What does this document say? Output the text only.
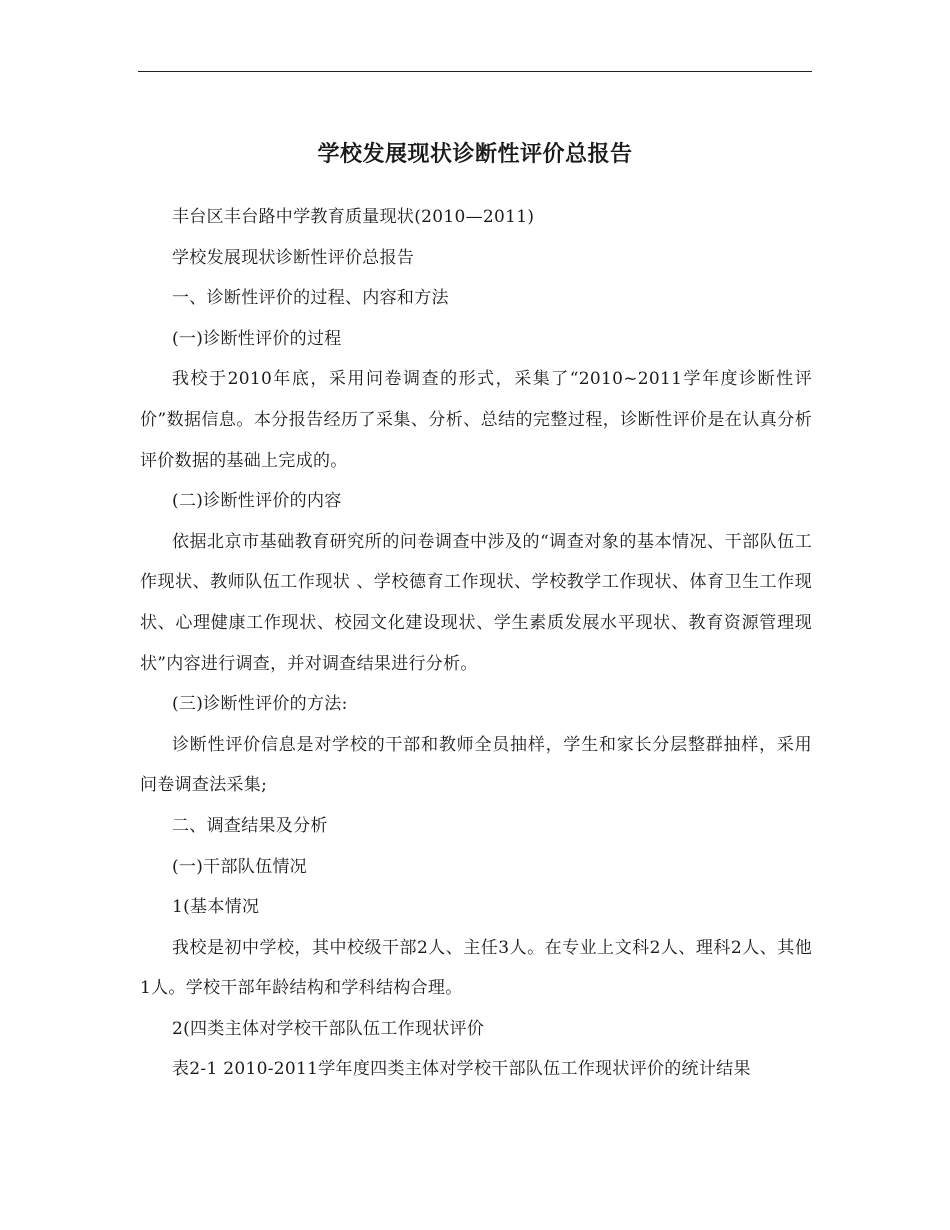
学校发展现状诊断性评价总报告

丰台区丰台路中学教育质量现状(2010—2011)

学校发展现状诊断性评价总报告

一、诊断性评价的过程、内容和方法

(一)诊断性评价的过程

我校于2010年底，采用问卷调查的形式，采集了“2010~2011学年度诊断性评价”数据信息。本分报告经历了采集、分析、总结的完整过程，诊断性评价是在认真分析评价数据的基础上完成的。

(二)诊断性评价的内容

依据北京市基础教育研究所的问卷调查中涉及的“调查对象的基本情况、干部队伍工作现状、教师队伍工作现状 、学校德育工作现状、学校教学工作现状、体育卫生工作现状、心理健康工作现状、校园文化建设现状、学生素质发展水平现状、教育资源管理现状”内容进行调查，并对调查结果进行分析。

(三)诊断性评价的方法:

诊断性评价信息是对学校的干部和教师全员抽样，学生和家长分层整群抽样，采用问卷调查法采集;

二、调查结果及分析

(一)干部队伍情况

1(基本情况

我校是初中学校，其中校级干部2人、主任3人。在专业上文科2人、理科2人、其他1人。学校干部年龄结构和学科结构合理。

2(四类主体对学校干部队伍工作现状评价

表2-1 2010-2011学年度四类主体对学校干部队伍工作现状评价的统计结果
